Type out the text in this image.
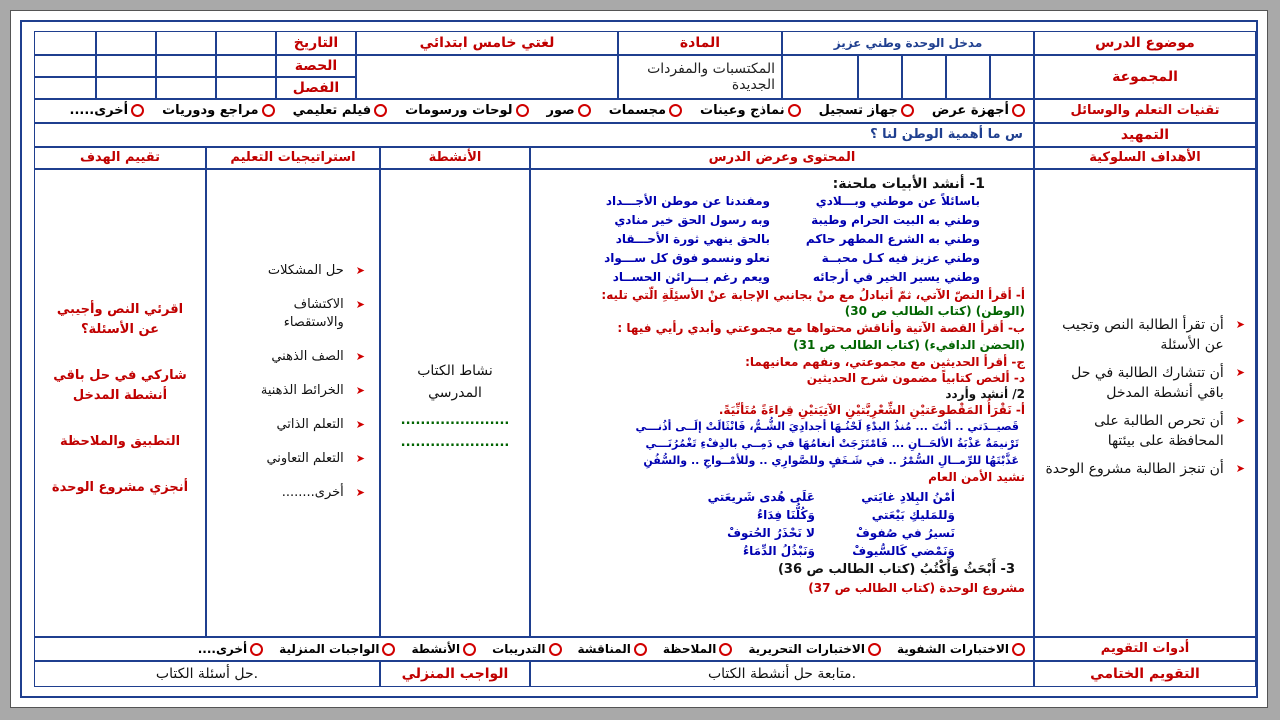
موضوع الدرس
مدخل الوحدة وطني عزيز
المادة
لغتي خامس ابتدائي
التاريخ
المجموعة
المكتسبات والمفردات الجديدة
الحصة
الفصل
تقنيات التعلم والوسائل
أجهزة عرض
جهاز تسجيل
نماذج وعينات
مجسمات
صور
لوحات ورسومات
فيلم تعليمي
مراجع ودوريات
أخرى.....
التمهيد
س ما أهمية الوطن لنا ؟
الأهداف السلوكية
المحتوى وعرض الدرس
الأنشطة
استراتيجيات التعليم
تقييم الهدف
➤
أن تقرأ الطالبة النص وتجيب عن الأسئلة
➤
أن تتشارك الطالبة في حل باقي أنشطة المدخل
➤
أن تحرص الطالبة على المحافظة على بيئتها
➤
أن تنجز الطالبة مشروع الوحدة
1- أنشد الأبيات ملحنة:
باسائلاً عن موطني وبـــلادي
ومفندنا عن موطن الأجـــداد
وطني به البيت الحرام وطيبة
وبه رسول الحق خير منادي
وطني به الشرع المطهر حاكم
بالحق ينهي ثورة الأحـــقاد
وطني عزيز فيه كـل محبــة
نعلو ونسمو فوق كل ســـواد
وطني يسير الخير في أرجائه
ويعم رغم بـــرائن الحســاد
أ- أقرأ النصّ الآتي، ثمّ أتبادلُ مع منْ بجانبي الإجابة عنْ الأسئِلَةِ الّتي تليه:
(الوطن) (كتاب الطالب ص 30)
ب- أقرأ القصة الآتية وأناقش محتواها مع مجموعتي وأبدي رأيي فيها :
(الحضن الدافيء) (كتاب الطالب ص 31)
ج- أقرأ الحديثين مع مجموعتي، ونفهم معانيهما:
د- ألخص كتابياً مضمون شرح الحديثين
2/ أنشد وأردد
أ- نَقْرَأُ المَقْطوعَتيْنِ الشِّعْرِيَّتيْنِ الآتِيَتيْنِ قِراءَةً مُتَأنِّيَةً.
قَصيــدَتي .. أنْتَ ... مُنذُ البدْءِ لَحْنُـهَا أجدادِيَ الشُّـمُّ، فَانْثَالَتْ إلَــى أذُنـــي
تَرْنيمَةٌ عَذْبَةُ الألحَــانِ ... فَامْتَزَجَتْ أنغامُهَا في دَمِــي بالدِفْءِ تَغْمُرُنَـــي
عَذَّبْتَهُا للرِّمــالِ السُّمْرُ .. في شَـغَفٍ وللصَّوارِي .. وللأمْــواجِ .. والسُّفُنِ
نشيد الأمن العام
أمْنُ البِلادِ غايَتي
عَلَى هُدى شَريعَتي
وَللمَليكِ بَيْعَتي
وَكُلُّنَا فِدَاءُ
نَسيرُ في صُفوفْ
لا نَحْذَرُ الحُتوفْ
وَنَمْضي كَالسُّيوفْ
وَنَبْذُلُ الدِّمَاءُ
3- أَبْحَثُ وَأَكْتُبُ (كتاب الطالب ص 36)
مشروع الوحدة (كتاب الطالب ص 37)
نشاط الكتاب المدرسي
......................
......................
➤
حل المشكلات
➤
الاكتشاف والاستقصاء
➤
الصف الذهني
➤
الخرائط الذهنية
➤
التعلم الذاتي
➤
التعلم التعاوني
➤
أخرى........
اقرئي النص وأجيبي عن الأسئلة؟
شاركي في حل باقي أنشطة المدخل
التطبيق والملاحظة
أنجزي مشروع الوحدة
أدوات التقويم
الاختبارات الشفوية
الاختبارات التحريرية
الملاحظة
المناقشة
التدريبات
الأنشطة
الواجبات المنزلية
أخرى....
التقويم الختامي
متابعة حل أنشطة الكتاب.
الواجب المنزلي
حل أسئلة الكتاب.
